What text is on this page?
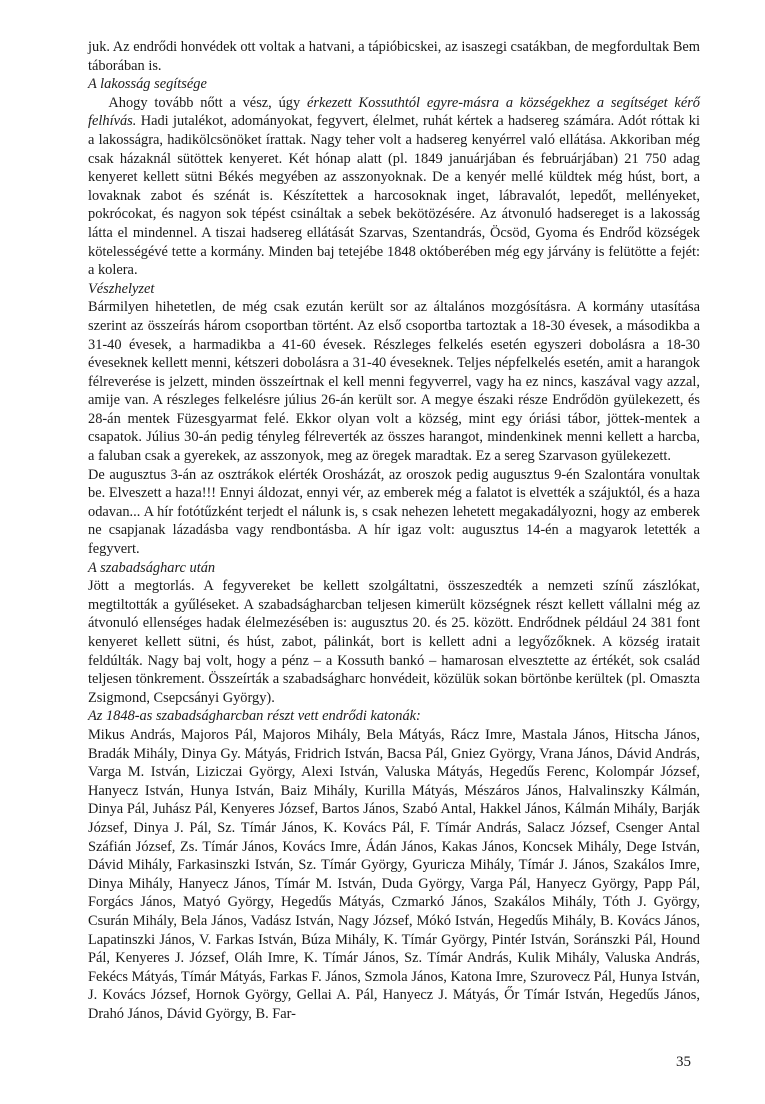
juk. Az endrődi honvédek ott voltak a hatvani, a tápióbicskei, az isaszegi csatákban, de megfordultak Bem táborában is.

A lakosság segítsége

Ahogy tovább nőtt a vész, úgy érkezett Kossuthtól egyre-másra a községekhez a segítséget kérő felhívás. Hadi jutalékot, adományokat, fegyvert, élelmet, ruhát kértek a hadsereg számára. Adót róttak ki a lakosságra, hadikölcsönöket írattak. Nagy teher volt a hadsereg kenyérrel való ellátása. Akkoriban még csak házaknál sütöttek kenyeret. Két hónap alatt (pl. 1849 januárjában és februárjában) 21 750 adag kenyeret kellett sütni Békés megyében az asszonyoknak. De a kenyér mellé küldtek még húst, bort, a lovaknak zabot és szénát is. Készítettek a harcosoknak inget, lábravalót, lepedőt, mellényeket, pokrócokat, és nagyon sok tépést csináltak a sebek bekötözésére. Az átvonuló hadsereget is a lakosság látta el mindennel. A tiszai hadsereg ellátását Szarvas, Szentandrás, Öcsöd, Gyoma és Endrőd községek kötelességévé tette a kormány. Minden baj tetejébe 1848 októberében még egy járvány is felütötte a fejét: a kolera.

Vészhelyzet

Bármilyen hihetetlen, de még csak ezután került sor az általános mozgósításra. A kormány utasítása szerint az összeírás három csoportban történt. Az első csoportba tartoztak a 18-30 évesek, a másodikba a 31-40 évesek, a harmadikba a 41-60 évesek. Részleges felkelés esetén egyszeri dobolásra a 18-30 éveseknek kellett menni, kétszeri dobolásra a 31-40 éveseknek. Teljes népfelkelés esetén, amit a harangok félreverése is jelzett, minden összeírtnak el kell menni fegyverrel, vagy ha ez nincs, kaszával vagy azzal, amije van. A részleges felkelésre július 26-án került sor. A megye északi része Endrődön gyülekezett, és 28-án mentek Füzesgyarmat felé. Ekkor olyan volt a község, mint egy óriási tábor, jöttek-mentek a csapatok. Július 30-án pedig tényleg félreverték az összes harangot, mindenkinek menni kellett a harcba, a faluban csak a gyerekek, az asszonyok, meg az öregek maradtak. Ez a sereg Szarvason gyülekezett.

De augusztus 3-án az osztrákok elérték Orosházát, az oroszok pedig augusztus 9-én Szalontára vonultak be. Elveszett a haza!!! Ennyi áldozat, ennyi vér, az emberek még a falatot is elvették a szájuktól, és a haza odavan... A hír fotótűzként terjedt el nálunk is, s csak nehezen lehetett megakadályozni, hogy az emberek ne csapjanak lázadásba vagy rendbontásba. A hír igaz volt: augusztus 14-én a magyarok letették a fegyvert.

A szabadságharc után

Jött a megtorlás. A fegyvereket be kellett szolgáltatni, összeszedték a nemzeti színű zászlókat, megtiltották a gyűléseket. A szabadságharcban teljesen kimerült községnek részt kellett vállalni még az átvonuló ellenséges hadak élelmezésében is: augusztus 20. és 25. között. Endrődnek például 24 381 font kenyeret kellett sütni, és húst, zabot, pálinkát, bort is kellett adni a legyőzőknek. A község iratait feldúlták. Nagy baj volt, hogy a pénz – a Kossuth bankó – hamarosan elvesztette az értékét, sok család teljesen tönkrement. Összeírták a szabadságharc honvédeit, közülük sokan börtönbe kerültek (pl. Omaszta Zsigmond, Csepcsányi György).

Az 1848-as szabadságharcban részt vett endrődi katonák:

Mikus András, Majoros Pál, Majoros Mihály, Bela Mátyás, Rácz Imre, Mastala János, Hitscha János, Bradák Mihály, Dinya Gy. Mátyás, Fridrich István, Bacsa Pál, Gniez György, Vrana János, Dávid András, Varga M. István, Liziczai György, Alexi István, Valuska Mátyás, Hegedűs Ferenc, Kolompár József, Hanyecz István, Hunya István, Baiz Mihály, Kurilla Mátyás, Mészáros János, Halvalinszky Kálmán, Dinya Pál, Juhász Pál, Kenyeres József, Bartos János, Szabó Antal, Hakkel János, Kálmán Mihály, Barják József, Dinya J. Pál, Sz. Tímár János, K. Kovács Pál, F. Tímár András, Salacz József, Csenger Antal Száfián József, Zs. Tímár János, Kovács Imre, Ádán János, Kakas János, Koncsek Mihály, Dege István, Dávid Mihály, Farkasinszki István, Sz. Tímár György, Gyuricza Mihály, Tímár J. János, Szakálos Imre, Dinya Mihály, Hanyecz János, Tímár M. István, Duda György, Varga Pál, Hanyecz György, Papp Pál, Forgács János, Matyó György, Hegedűs Mátyás, Czmarkó János, Szakálos Mihály, Tóth J. György, Csurán Mihály, Bela János, Vadász István, Nagy József, Mókó István, Hegedűs Mihály, B. Kovács János, Lapatinszki János, V. Farkas István, Búza Mihály, K. Tímár György, Pintér István, Soránszki Pál, Hound Pál, Kenyeres J. József, Oláh Imre, K. Tímár János, Sz. Tímár András, Kulik Mihály, Valuska András, Fekécs Mátyás, Tímár Mátyás, Farkas F. János, Szmola János, Katona Imre, Szurovecz Pál, Hunya István, J. Kovács József, Hornok György, Gellai A. Pál, Hanyecz J. Mátyás, Őr Tímár István, Hegedűs János, Drahó János, Dávid György, B. Far-

35
